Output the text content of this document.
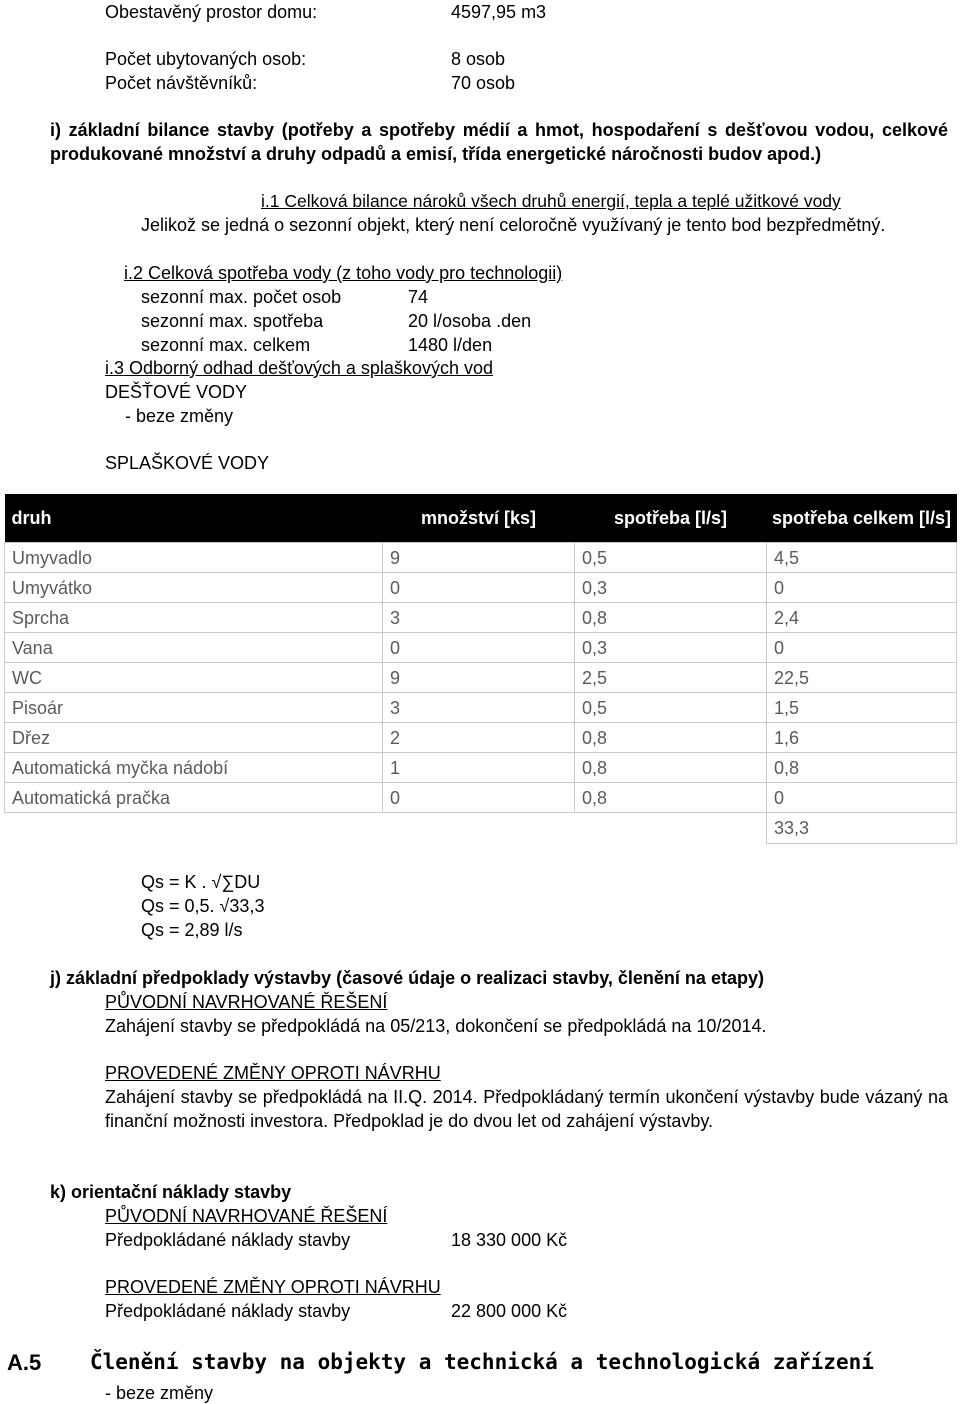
Obestavěný prostor domu:	4597,95 m3
Počet ubytovaných osob:	8 osob
Počet návštěvníků:	70 osob
i) základní bilance stavby (potřeby a spotřeby médií a hmot, hospodaření s dešťovou vodou, celkové produkované množství a druhy odpadů a emisí, třída energetické náročnosti budov apod.)
i.1 Celková bilance nároků všech druhů energií, tepla a teplé užitkové vody
Jelikož se jedná o sezonní objekt, který není celoročně využívaný je tento bod bezpředmětný.
i.2 Celková spotřeba vody (z toho vody pro technologii)
sezonní max. počet osob	74
sezonní max. spotřeba	20 l/osoba .den
sezonní max. celkem	1480 l/den
i.3 Odborný odhad dešťových a splaškových vod
DEŠŤOVÉ VODY
- beze změny
SPLAŠKOVÉ VODY
druh	množství [ks]	spotřeba [l/s]	spotřeba celkem [l/s]
Umyvadlo	9	0,5	4,5
Umyvátko	0	0,3	0
Sprcha	3	0,8	2,4
Vana	0	0,3	0
WC	9	2,5	22,5
Pisoár	3	0,5	1,5
Dřez	2	0,8	1,6
Automatická myčka nádobí	1	0,8	0,8
Automatická pračka	0	0,8	0
			33,3
Qs = K . √∑DU
Qs = 0,5. √33,3
Qs = 2,89 l/s
j) základní předpoklady výstavby (časové údaje o realizaci stavby, členění na etapy)
PŮVODNÍ NAVRHOVANÉ ŘEŠENÍ
Zahájení stavby se předpokládá na 05/213, dokončení se předpokládá na 10/2014.
PROVEDENÉ ZMĚNY OPROTI NÁVRHU
Zahájení stavby se předpokládá na II.Q. 2014. Předpokládaný termín ukončení výstavby bude vázaný na finanční možnosti investora. Předpoklad je do dvou let od zahájení výstavby.
k) orientační náklady stavby
PŮVODNÍ NAVRHOVANÉ ŘEŠENÍ
Předpokládané náklady stavby	18 330 000 Kč
PROVEDENÉ ZMĚNY OPROTI NÁVRHU
Předpokládané náklady stavby	22 800 000 Kč
A.5 Členění stavby na objekty a technická a technologická zařízení
- beze změny
